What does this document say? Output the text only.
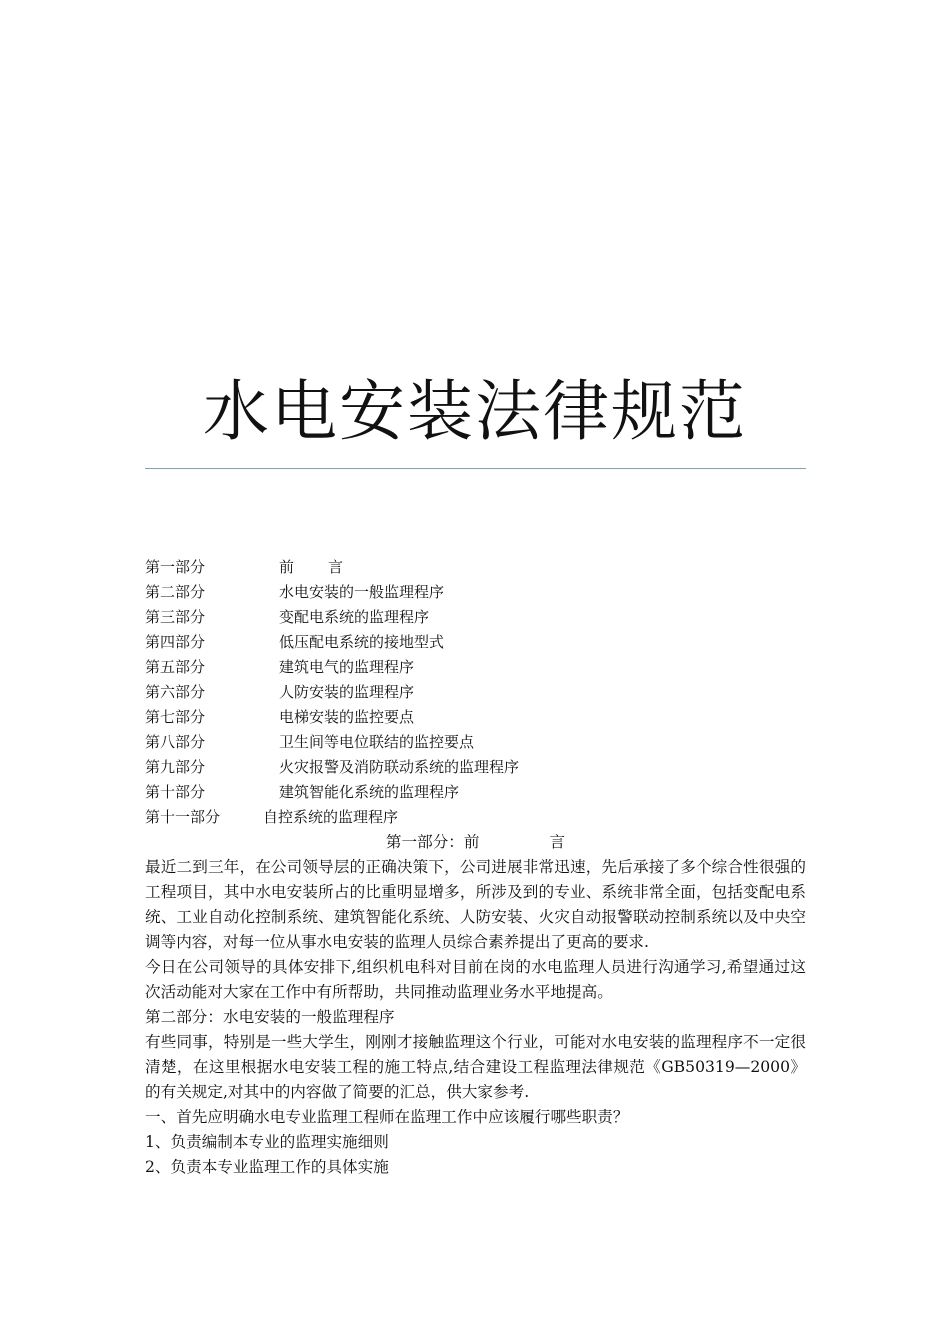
水电安装法律规范
第一部分	前 言
第二部分	水电安装的一般监理程序
第三部分	变配电系统的监理程序
第四部分	低压配电系统的接地型式
第五部分	建筑电气的监理程序
第六部分	人防安装的监理程序
第七部分	电梯安装的监控要点
第八部分	卫生间等电位联结的监控要点
第九部分	火灾报警及消防联动系统的监理程序
第十部分	建筑智能化系统的监理程序
第十一部分	自控系统的监理程序
第一部分：前	言

最近二到三年，在公司领导层的正确决策下，公司进展非常迅速，先后承接了多个综合性很强的工程项目，其中水电安装所占的比重明显增多，所涉及到的专业、系统非常全面，包括变配电系统、工业自动化控制系统、建筑智能化系统、人防安装、火灾自动报警联动控制系统以及中央空调等内容，对每一位从事水电安装的监理人员综合素养提出了更高的要求.

今日在公司领导的具体安排下,组织机电科对目前在岗的水电监理人员进行沟通学习,希望通过这次活动能对大家在工作中有所帮助，共同推动监理业务水平地提高。

第二部分：水电安装的一般监理程序

有些同事，特别是一些大学生，刚刚才接触监理这个行业，可能对水电安装的监理程序不一定很清楚，在这里根据水电安装工程的施工特点,结合建设工程监理法律规范《GB50319—2000》的有关规定,对其中的内容做了简要的汇总，供大家参考.

一、首先应明确水电专业监理工程师在监理工作中应该履行哪些职责？
1、负责编制本专业的监理实施细则
2、负责本专业监理工作的具体实施
